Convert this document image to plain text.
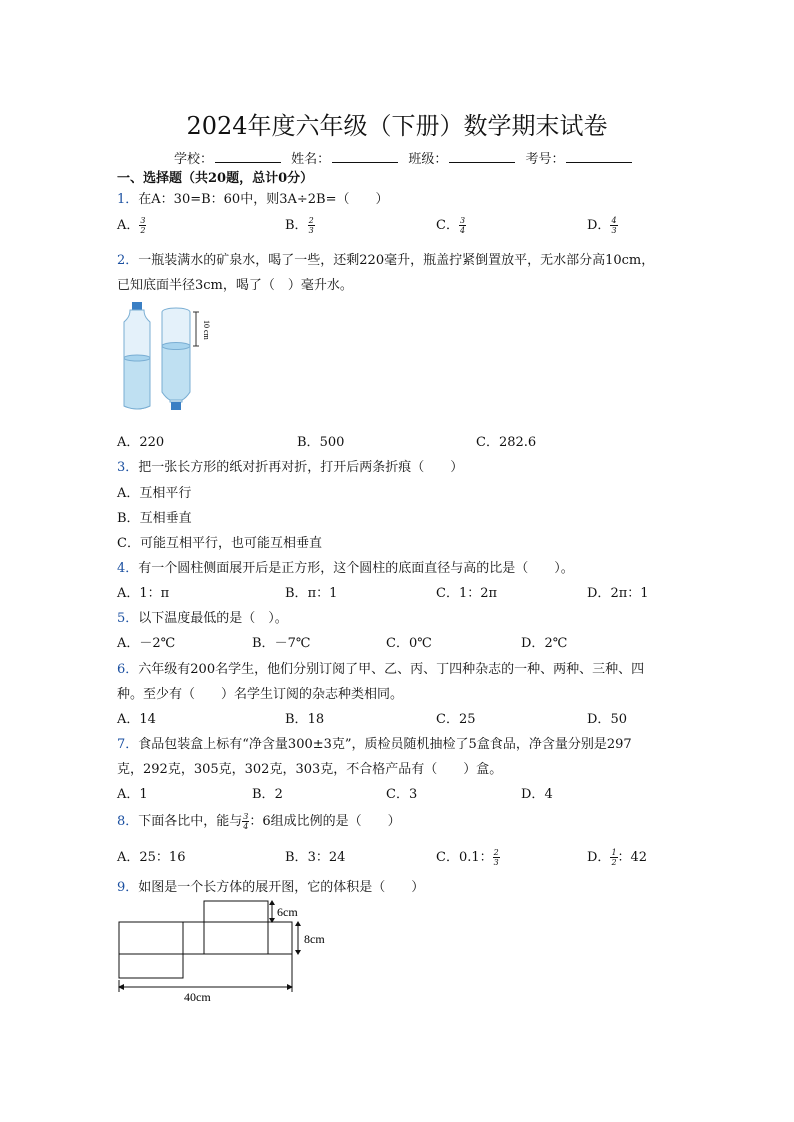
2024年度六年级（下册）数学期末试卷
学校：	姓名：	班级：	考号：
一、选择题（共20题，总计0分）
1．在A：30=B：60中，则3A÷2B=（　　）
A． $\frac{3}{2}$	B． $\frac{2}{3}$	C． $\frac{3}{4}$	D． $\frac{4}{3}$
2．一瓶装满水的矿泉水，喝了一些，还剩220毫升，瓶盖拧紧倒置放平，无水部分高10cm，
已知底面半径3cm，喝了（　）毫升水。
10 cm
A．220	B．500	C．282.6
3．把一张长方形的纸对折再对折，打开后两条折痕（　　）
A．互相平行
B．互相垂直
C．可能互相平行，也可能互相垂直
4．有一个圆柱侧面展开后是正方形，这个圆柱的底面直径与高的比是（　　）。
A．1：π	B．π：1	C．1：2π	D．2π：1
5．以下温度最低的是（　）。
A．－2℃	B．－7℃	C．0℃	D．2℃
6．六年级有200名学生，他们分别订阅了甲、乙、丙、丁四种杂志的一种、两种、三种、四
种。至少有（　　）名学生订阅的杂志种类相同。
A．14	B．18	C．25	D．50
7．食品包装盒上标有“净含量300±3克”，质检员随机抽检了5盒食品，净含量分别是297
克，292克，305克，302克，303克，不合格产品有（　　）盒。
A．1	B．2	C．3	D．4
8．下面各比中，能与 $\frac{3}{4}$ ：6组成比例的是（　　）
A．25：16	B．3：24	C．0.1： $\frac{2}{3}$	D． $\frac{1}{2}$ ：42
9．如图是一个长方体的展开图，它的体积是（　　）
6cm
8cm
40cm
